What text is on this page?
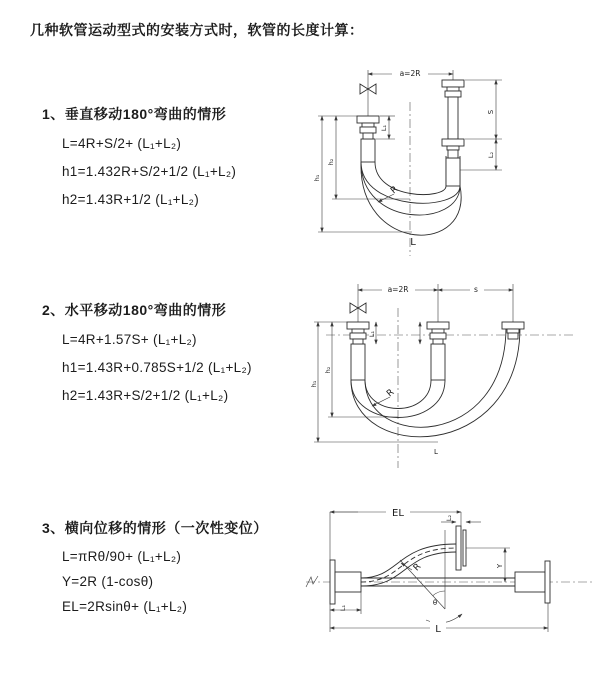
几种软管运动型式的安装方式时，软管的长度计算：
1、垂直移动180°弯曲的情形
L=4R+S/2+ (L₁+L₂)
h1=1.432R+S/2+1/2 (L₁+L₂)
h2=1.43R+1/2 (L₁+L₂)
2、水平移动180°弯曲的情形
L=4R+1.57S+ (L₁+L₂)
h1=1.43R+0.785S+1/2 (L₁+L₂)
h2=1.43R+S/2+1/2 (L₁+L₂)
3、横向位移的情形（一次性变位）
L=πRθ/90+ (L₁+L₂)
Y=2R (1-cosθ)
EL=2Rsinθ+ (L₁+L₂)
a=2R
S
L₂
L₁
h₁
h₂
R
L
a=2R	s
L₁
h₁
h₂
R
L
EL	L₂
Y
R
θ
L
L₁
